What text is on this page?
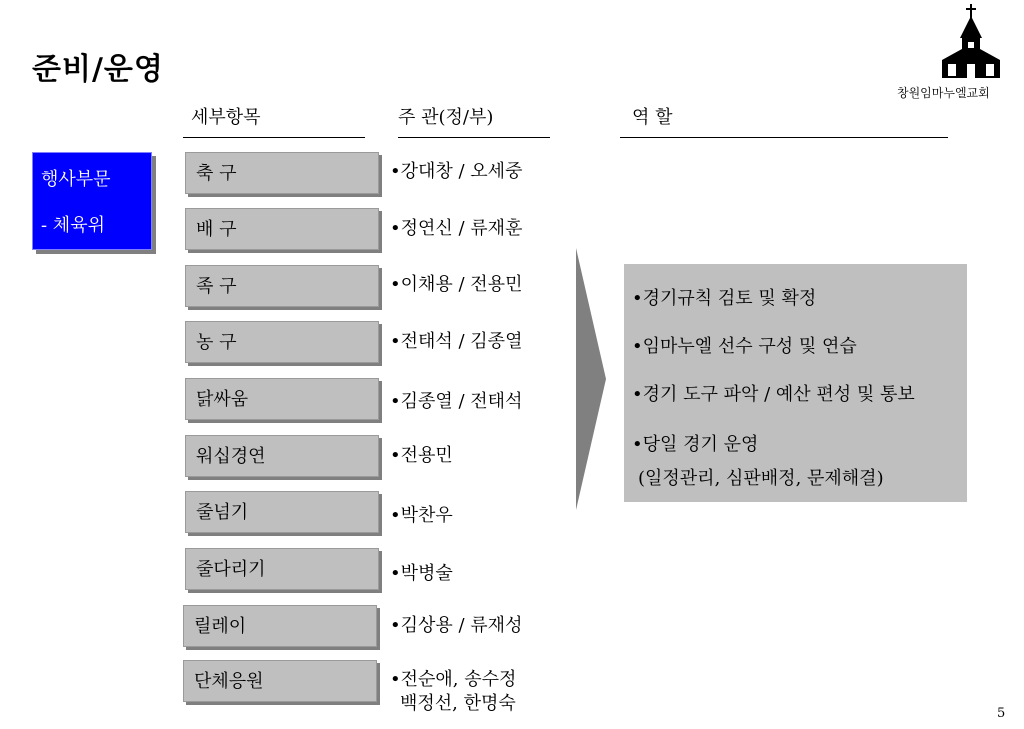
준비/운영
창원임마누엘교회
세부항목	주 관(정/부)	역 할
행사부문
- 체육위
축 구
배 구
족 구
농 구
닭싸움
워십경연
줄넘기
줄다리기
릴레이
단체응원
•강대창 / 오세중
•정연신 / 류재훈
•이채용 / 전용민
•전태석 / 김종열
•김종열 / 전태석
•전용민
•박찬우
•박병술
•김상용 / 류재성
•전순애, 송수정
백정선, 한명숙
•경기규칙 검토 및 확정
•임마누엘 선수 구성 및 연습
•경기 도구 파악 / 예산 편성 및 통보
•당일 경기 운영
(일정관리, 심판배정, 문제해결)
5
